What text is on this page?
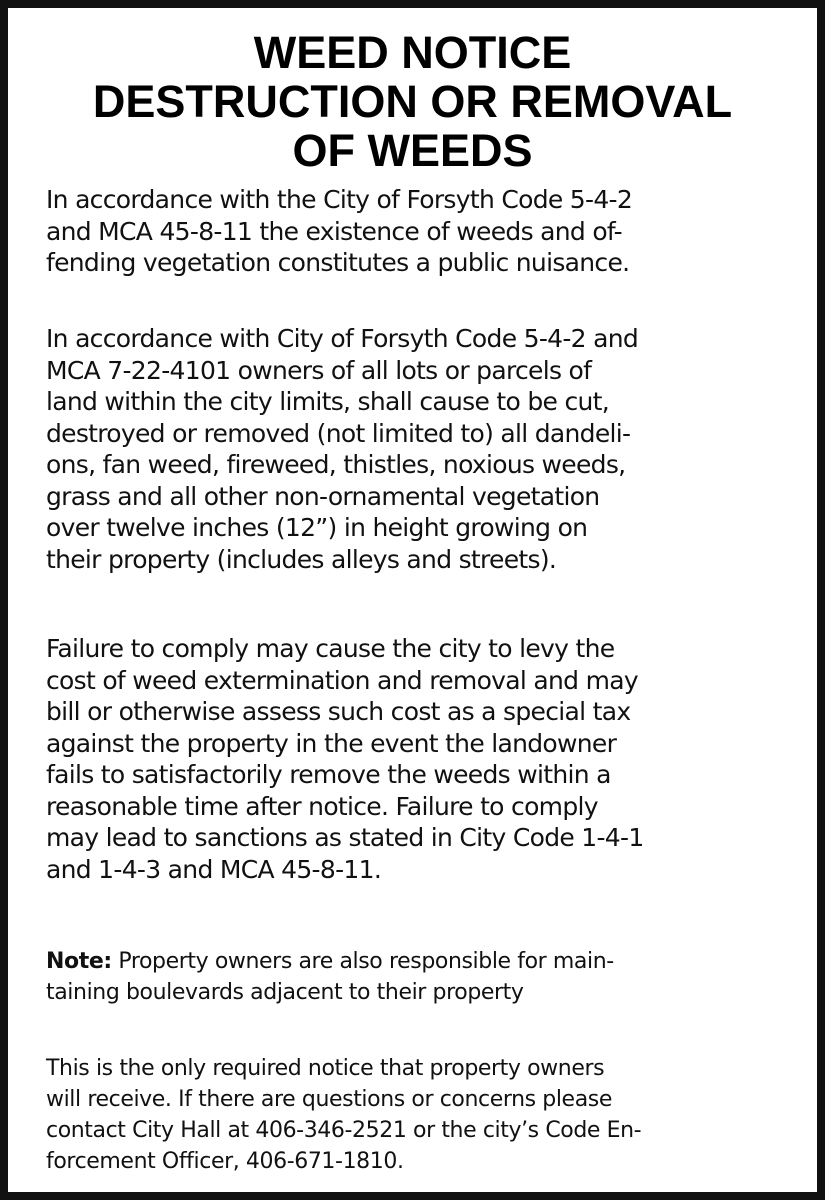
WEED NOTICE
DESTRUCTION OR REMOVAL
OF WEEDS
In accordance with the City of Forsyth Code 5-4-2
and MCA 45-8-11 the existence of weeds and of-
fending vegetation constitutes a public nuisance.
In accordance with City of Forsyth Code 5-4-2 and
MCA 7-22-4101 owners of all lots or parcels of
land within the city limits, shall cause to be cut,
destroyed or removed (not limited to) all dandeli-
ons, fan weed, fireweed, thistles, noxious weeds,
grass and all other non-ornamental vegetation
over twelve inches (12”) in height growing on
their property (includes alleys and streets).
Failure to comply may cause the city to levy the
cost of weed extermination and removal and may
bill or otherwise assess such cost as a special tax
against the property in the event the landowner
fails to satisfactorily remove the weeds within a
reasonable time after notice. Failure to comply
may lead to sanctions as stated in City Code 1-4-1
and 1-4-3 and MCA 45-8-11.
Note: Property owners are also responsible for main-
taining boulevards adjacent to their property
This is the only required notice that property owners
will receive. If there are questions or concerns please
contact City Hall at 406-346-2521 or the city’s Code En-
forcement Officer, 406-671-1810.
